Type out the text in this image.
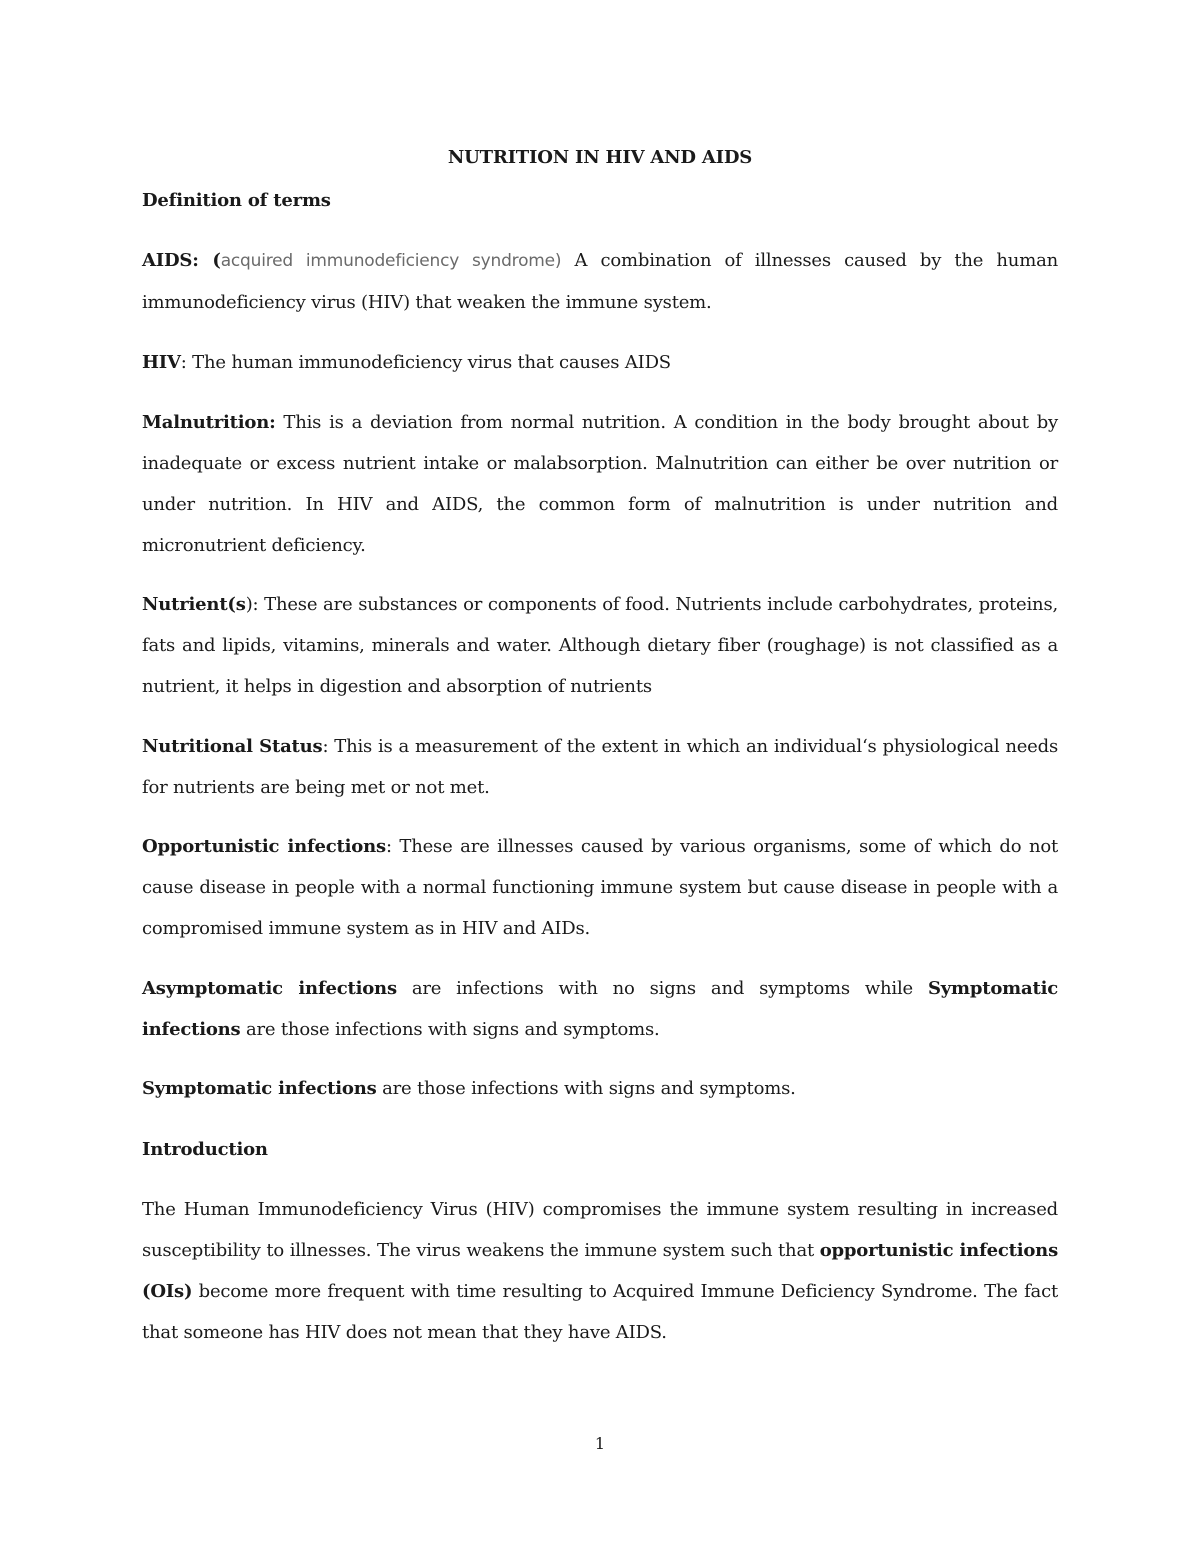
NUTRITION IN HIV AND AIDS
Definition of terms
AIDS: (acquired immunodeficiency syndrome) A combination of illnesses caused by the human immunodeficiency virus (HIV) that weaken the immune system.
HIV: The human immunodeficiency virus that causes AIDS
Malnutrition: This is a deviation from normal nutrition. A condition in the body brought about by inadequate or excess nutrient intake or malabsorption. Malnutrition can either be over nutrition or under nutrition. In HIV and AIDS, the common form of malnutrition is under nutrition and micronutrient deficiency.
Nutrient(s): These are substances or components of food. Nutrients include carbohydrates, proteins, fats and lipids, vitamins, minerals and water. Although dietary fiber (roughage) is not classified as a nutrient, it helps in digestion and absorption of nutrients
Nutritional Status: This is a measurement of the extent in which an individual‘s physiological needs for nutrients are being met or not met.
Opportunistic infections: These are illnesses caused by various organisms, some of which do not cause disease in people with a normal functioning immune system but cause disease in people with a compromised immune system as in HIV and AIDs.
Asymptomatic infections are infections with no signs and symptoms while Symptomatic infections are those infections with signs and symptoms.
Symptomatic infections are those infections with signs and symptoms.
Introduction
The Human Immunodeficiency Virus (HIV) compromises the immune system resulting in increased susceptibility to illnesses. The virus weakens the immune system such that opportunistic infections (OIs) become more frequent with time resulting to Acquired Immune Deficiency Syndrome. The fact that someone has HIV does not mean that they have AIDS.
1
